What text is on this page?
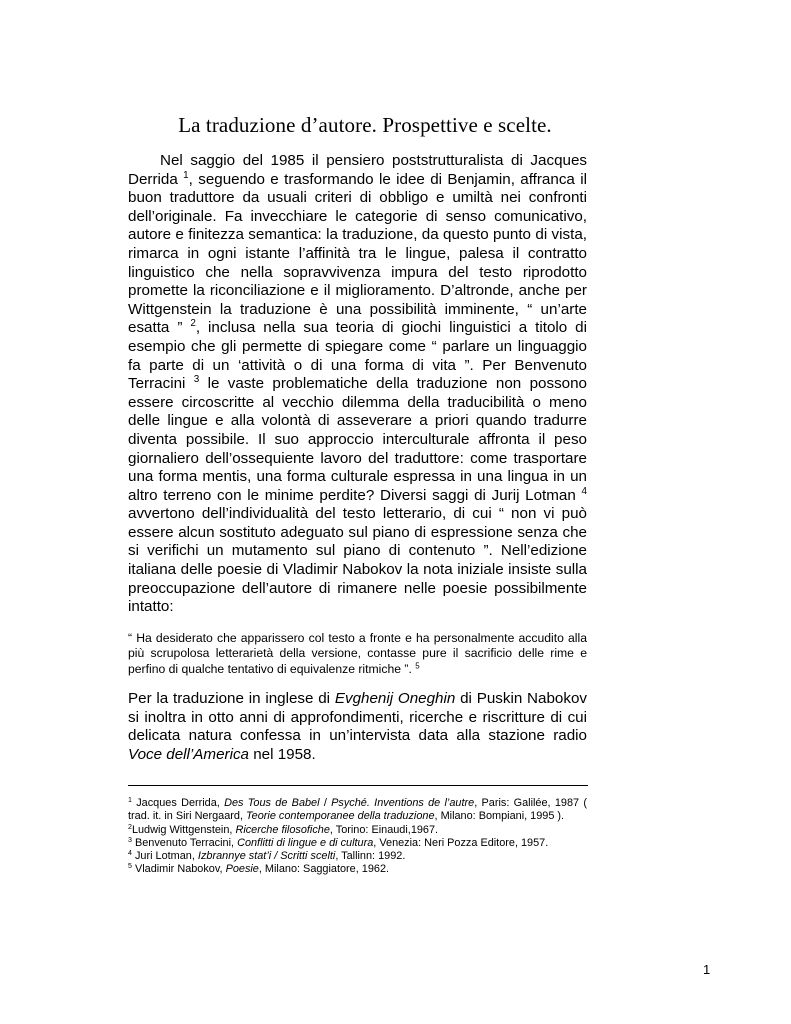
La traduzione d’autore. Prospettive e scelte.

Nel saggio del 1985 il pensiero poststrutturalista di Jacques Derrida $^1$, seguendo e trasformando le idee di Benjamin, affranca il buon traduttore da usuali criteri di obbligo e umiltà nei confronti dell’originale. Fa invecchiare le categorie di senso comunicativo, autore e finitezza semantica: la traduzione, da questo punto di vista, rimarca in ogni istante l’affinità tra le lingue, palesa il contratto linguistico che nella sopravvivenza impura del testo riprodotto promette la riconciliazione e il miglioramento. D’altronde, anche per Wittgenstein la traduzione è una possibilità imminente, “ un’arte esatta ” $^2$, inclusa nella sua teoria di giochi linguistici a titolo di esempio che gli permette di spiegare come “ parlare un linguaggio fa parte di un ‘attività o di una forma di vita ”. Per Benvenuto Terracini $^3$ le vaste problematiche della traduzione non possono essere circoscritte al vecchio dilemma della traducibilità o meno delle lingue e alla volontà di asseverare a priori quando tradurre diventa possibile. Il suo approccio interculturale affronta il peso giornaliero dell’ossequiente lavoro del traduttore: come trasportare una forma mentis, una forma culturale espressa in una lingua in un altro terreno con le minime perdite? Diversi saggi di Jurij Lotman $^4$ avvertono dell’individualità del testo letterario, di cui “ non vi può essere alcun sostituto adeguato sul piano di espressione senza che si verifichi un mutamento sul piano di contenuto ”. Nell’edizione italiana delle poesie di Vladimir Nabokov la nota iniziale insiste sulla preoccupazione dell’autore di rimanere nelle poesie possibilmente intatto:

“ Ha desiderato che apparissero col testo a fronte e ha personalmente accudito alla più scrupolosa letterarietà della versione, contasse pure il sacrificio delle rime e perfino di qualche tentativo di equivalenze ritmiche ”. $^5$

Per la traduzione in inglese di Evghenij Oneghin di Puskin Nabokov si inoltra in otto anni di approfondimenti, ricerche e riscritture di cui delicata natura confessa in un’intervista data alla stazione radio Voce dell’America nel 1958.

$^1$ Jacques Derrida, Des Tous de Babel / Psyché. Inventions de l’autre, Paris: Galilée, 1987 ( trad. it. in Siri Nergaard, Teorie contemporanee della traduzione, Milano: Bompiani, 1995 ).
$^2$Ludwig Wittgenstein, Ricerche filosofiche, Torino: Einaudi,1967.
$^3$ Benvenuto Terracini, Conflitti di lingue e di cultura, Venezia: Neri Pozza Editore, 1957.
$^4$ Juri Lotman, Izbrannye stat’i / Scritti scelti, Tallinn: 1992.
$^5$ Vladimir Nabokov, Poesie, Milano: Saggiatore, 1962.
1
